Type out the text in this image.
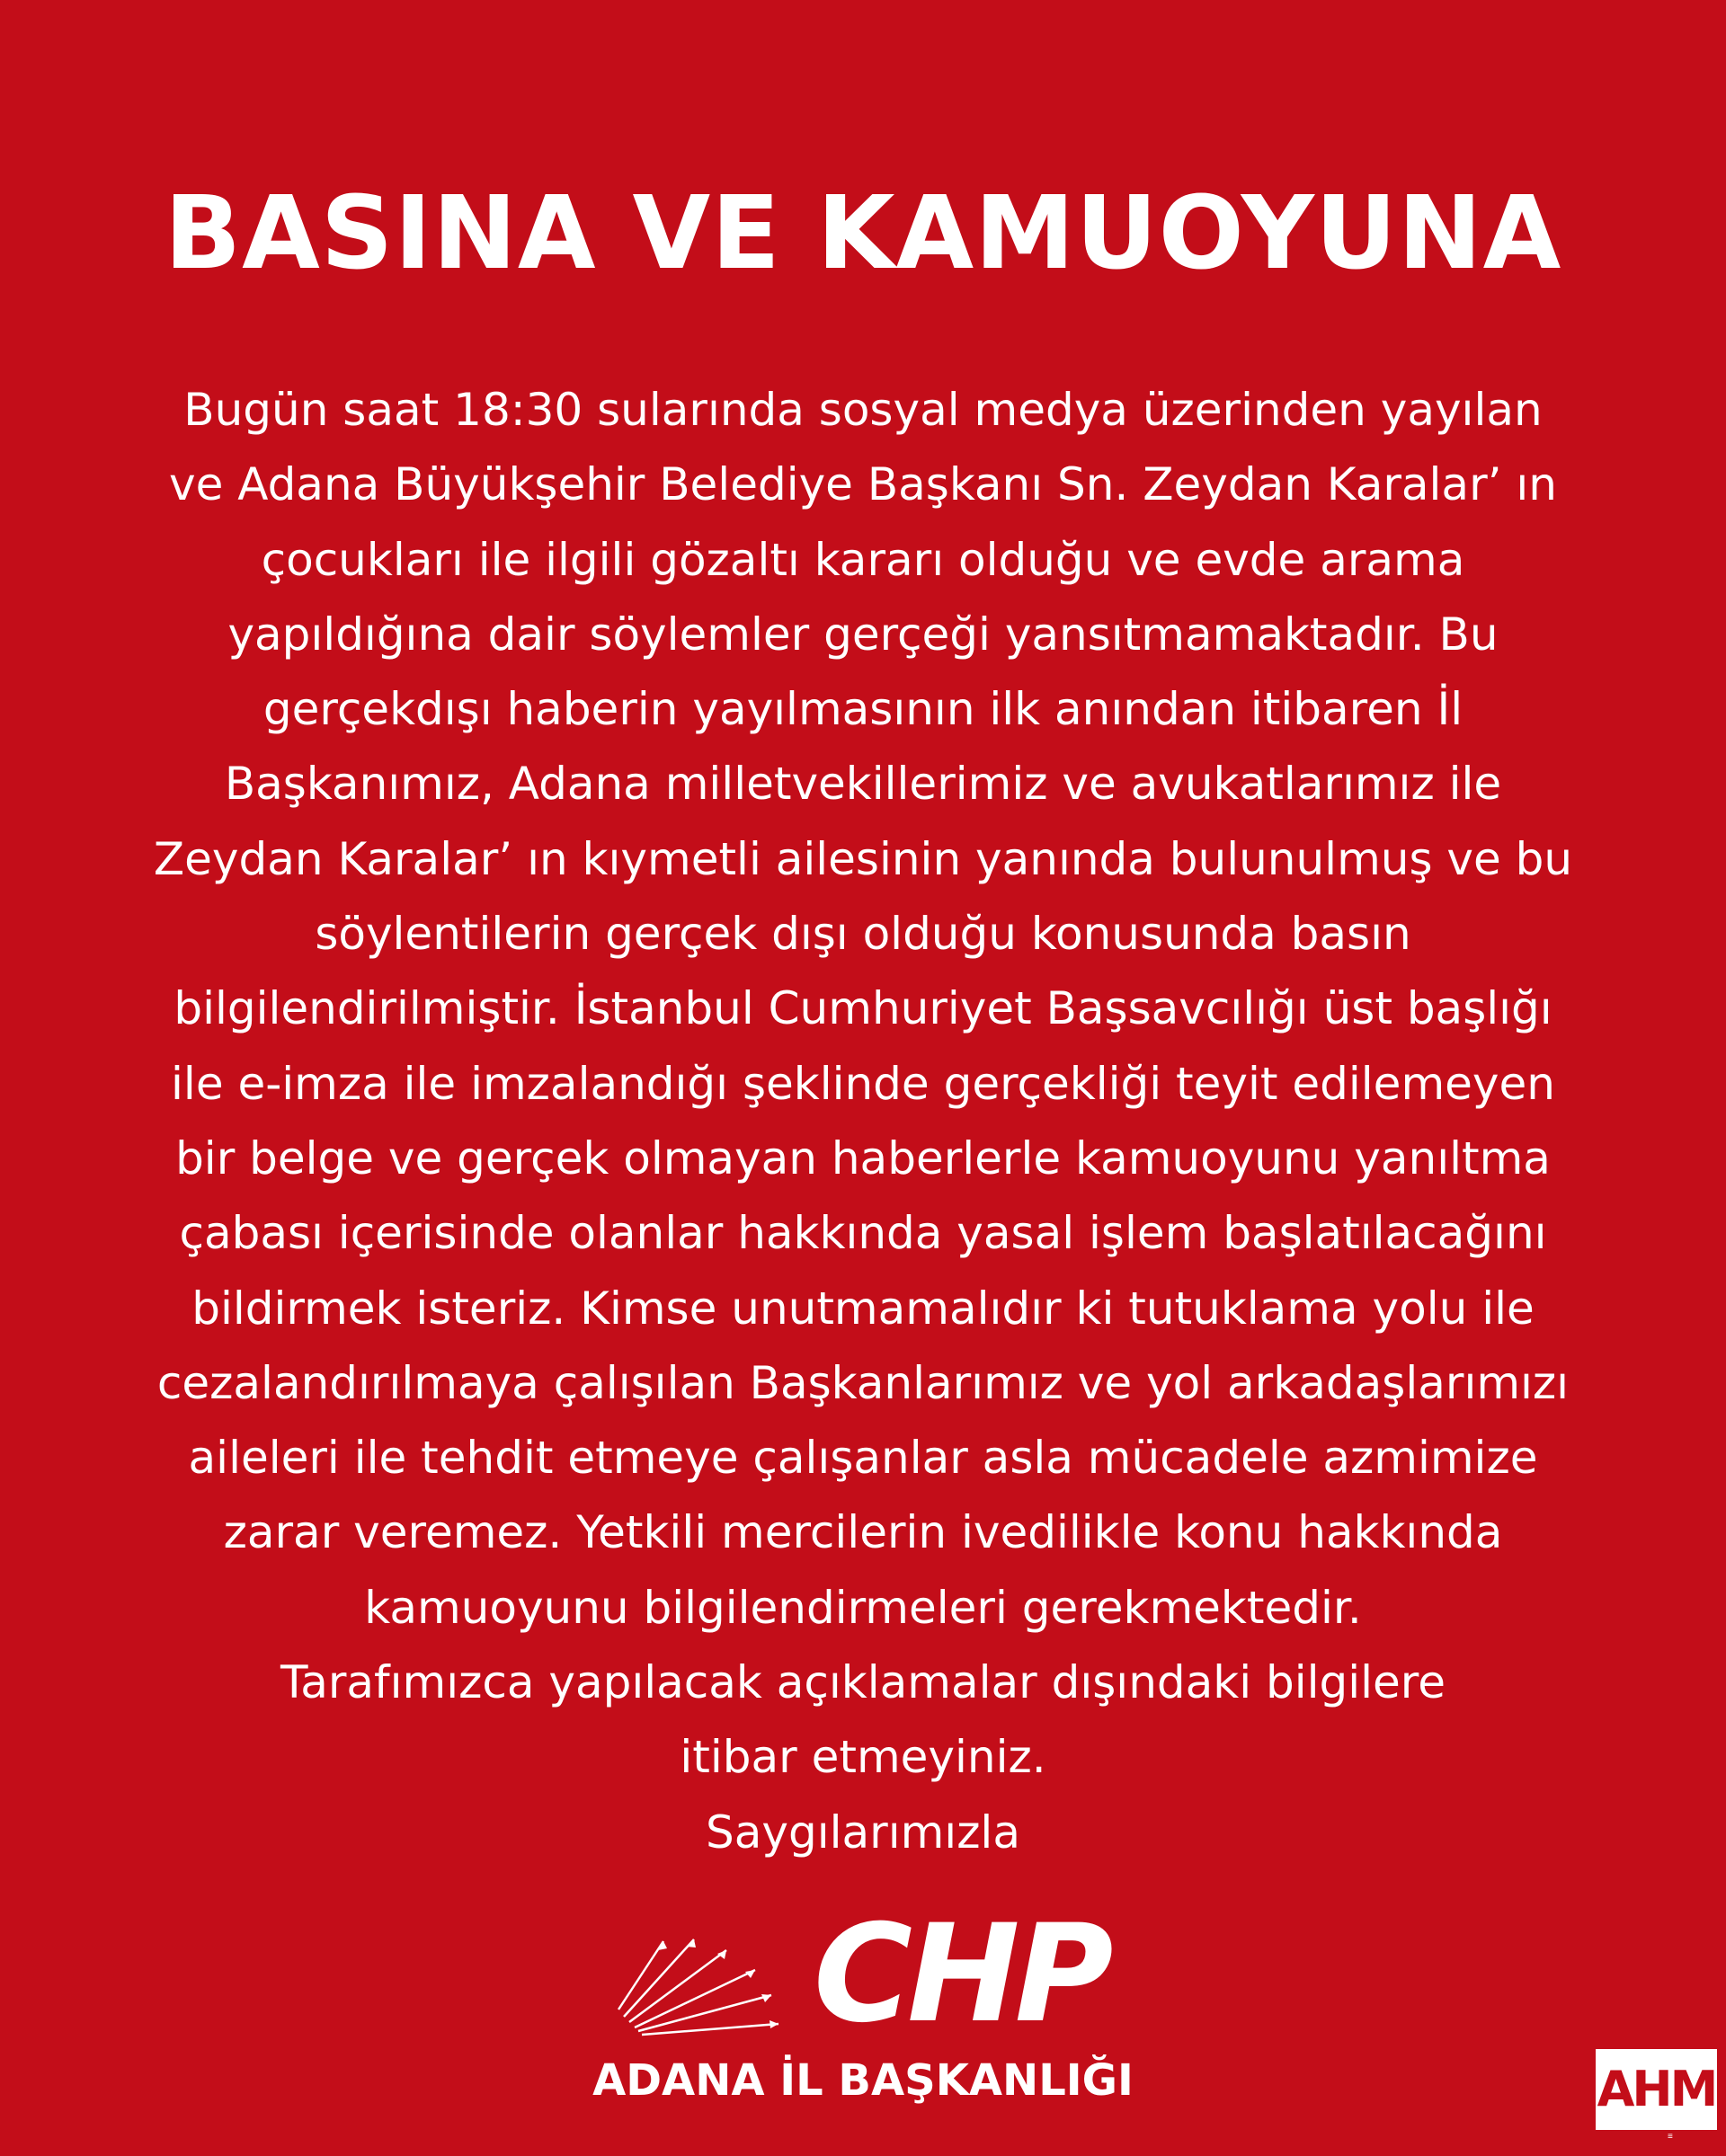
BASINA VE KAMUOYUNA
Bugün saat 18:30 sularında sosyal medya üzerinden yayılan
ve Adana Büyükşehir Belediye Başkanı Sn. Zeydan Karalar’ ın
çocukları ile ilgili gözaltı kararı olduğu ve evde arama
yapıldığına dair söylemler gerçeği yansıtmamaktadır. Bu
gerçekdışı haberin yayılmasının ilk anından itibaren İl
Başkanımız, Adana milletvekillerimiz ve avukatlarımız ile
Zeydan Karalar’ ın kıymetli ailesinin yanında bulunulmuş ve bu
söylentilerin gerçek dışı olduğu konusunda basın
bilgilendirilmiştir. İstanbul Cumhuriyet Başsavcılığı üst başlığı
ile e-imza ile imzalandığı şeklinde gerçekliği teyit edilemeyen
bir belge ve gerçek olmayan haberlerle kamuoyunu yanıltma
çabası içerisinde olanlar hakkında yasal işlem başlatılacağını
bildirmek isteriz. Kimse unutmamalıdır ki tutuklama yolu ile
cezalandırılmaya çalışılan Başkanlarımız ve yol arkadaşlarımızı
aileleri ile tehdit etmeye çalışanlar asla mücadele azmimize
zarar veremez. Yetkili mercilerin ivedilikle konu hakkında
kamuoyunu bilgilendirmeleri gerekmektedir.
Tarafımızca yapılacak açıklamalar dışındaki bilgilere
itibar etmeyiniz.
Saygılarımızla
CHP
ADANA İL BAŞKANLIĞI	AHM
≡
